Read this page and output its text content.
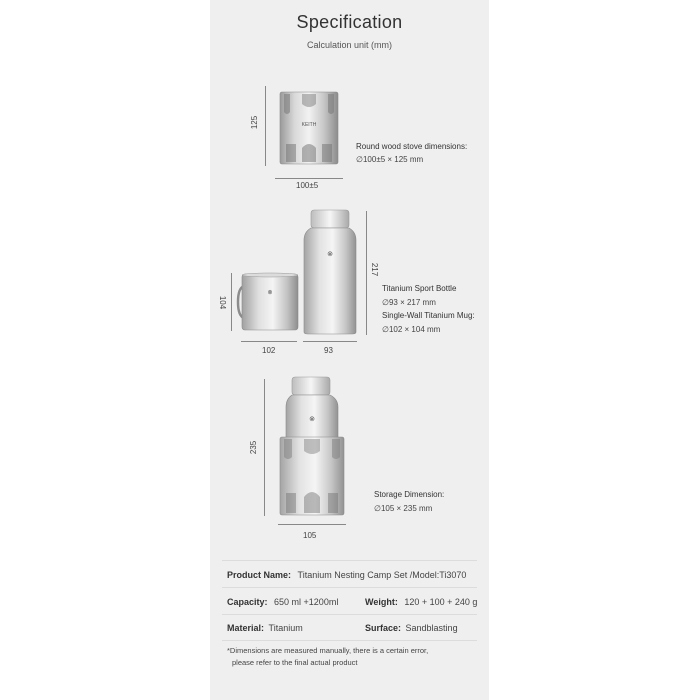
Specification
Calculation unit (mm)
125	KEITH
100±5
Round wood stove dimensions:
∅100±5 × 125 mm
104
⊗
102
⊗
217
93
Titanium Sport Bottle
∅93 × 217 mm
Single-Wall Titanium Mug:
∅102 × 104 mm
235
⊗
105
Storage Dimension:
∅105 × 235 mm
Product Name: Titanium Nesting Camp Set /Model:Ti3070
Capacity: 650 ml +1200ml	Weight: 120 + 100 + 240 g
Material: Titanium	Surface: Sandblasting
*Dimensions are measured manually, there is a certain error,
please refer to the final actual product
